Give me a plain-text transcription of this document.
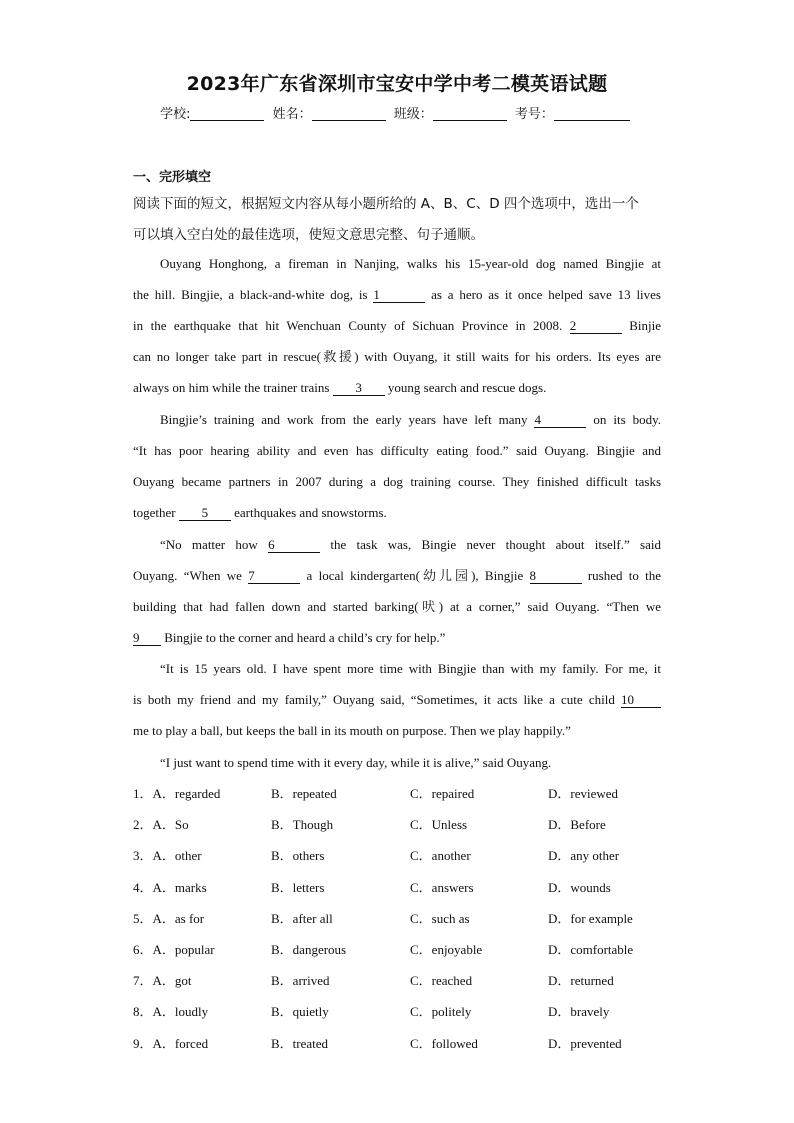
2023年广东省深圳市宝安中学中考二模英语试题
学校:	姓名：	班级：	考号：
一、完形填空
阅读下面的短文，根据短文内容从每小题所给的 A、B、C、D 四个选项中，选出一个
可以填入空白处的最佳选项，使短文意思完整、句子通顺。
Ouyang Honghong, a fireman in Nanjing, walks his 15-year-old dog named Bingjie at
the hill. Bingjie, a black-and-white dog, is 1	as a hero as it once helped save 13 lives
in the earthquake that hit Wenchuan County of Sichuan Province in 2008. 2	Binjie
can no longer take part in rescue(救援) with Ouyang, it still waits for his orders. Its eyes are
always on him while the trainer trains 3 young search and rescue dogs.
Bingjie’s training and work from the early years have left many 4	on its body.
“It has poor hearing ability and even has difficulty eating food.” said Ouyang. Bingjie and
Ouyang became partners in 2007 during a dog training course. They finished difficult tasks
together 5 earthquakes and snowstorms.
“No matter how 6	the task was, Bingie never thought about itself.” said
Ouyang. “When we 7	a local kindergarten(幼儿园), Bingjie 8	rushed to the
building that had fallen down and started barking(吠) at a corner,” said Ouyang. “Then we
9 Bingjie to the corner and heard a child’s cry for help.”
“It is 15 years old. I have spent more time with Bingjie than with my family. For me, it
is both my friend and my family,” Ouyang said, “Sometimes, it acts like a cute child 10
me to play a ball, but keeps the ball in its mouth on purpose. Then we play happily.”
“I just want to spend time with it every day, while it is alive,” said Ouyang.
1．A．regarded	B．repeated	C．repaired	D．reviewed
2．A．So	B．Though	C．Unless	D．Before
3．A．other	B．others	C．another	D．any other
4．A．marks	B．letters	C．answers	D．wounds
5．A．as for	B．after all	C．such as	D．for example
6．A．popular	B．dangerous	C．enjoyable	D．comfortable
7．A．got	B．arrived	C．reached	D．returned
8．A．loudly	B．quietly	C．politely	D．bravely
9．A．forced	B．treated	C．followed	D．prevented
